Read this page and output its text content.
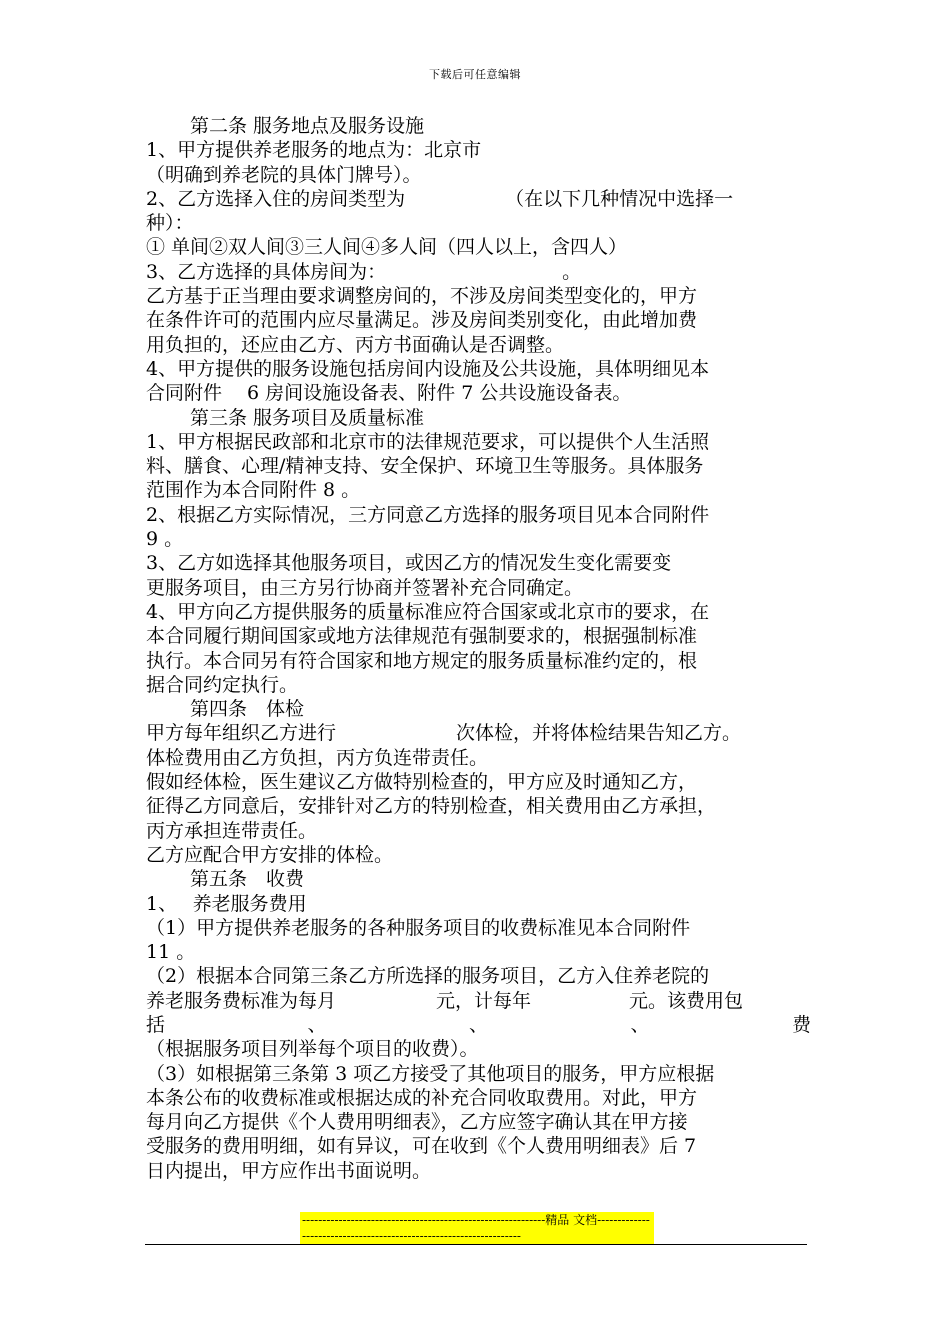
下载后可任意编辑
第二条 服务地点及服务设施
1、甲方提供养老服务的地点为：北京市
（明确到养老院的具体门牌号）。
2、乙方选择入住的房间类型为	（在以下几种情况中选择一
种）：
① 单间②双人间③三人间④多人间（四人以上，含四人）
3、乙方选择的具体房间为：	。
乙方基于正当理由要求调整房间的，不涉及房间类型变化的，甲方
在条件许可的范围内应尽量满足。涉及房间类别变化，由此增加费
用负担的，还应由乙方、丙方书面确认是否调整。
4、甲方提供的服务设施包括房间内设施及公共设施，具体明细见本
合同附件　 6 房间设施设备表、附件 7 公共设施设备表。
第三条 服务项目及质量标准
1、甲方根据民政部和北京市的法律规范要求，可以提供个人生活照
料、膳食、心理/精神支持、安全保护、环境卫生等服务。具体服务
范围作为本合同附件 8 。
2、根据乙方实际情况，三方同意乙方选择的服务项目见本合同附件
9 。
3、乙方如选择其他服务项目，或因乙方的情况发生变化需要变
更服务项目，由三方另行协商并签署补充合同确定。
4、甲方向乙方提供服务的质量标准应符合国家或北京市的要求，在
本合同履行期间国家或地方法律规范有强制要求的，根据强制标准
执行。本合同另有符合国家和地方规定的服务质量标准约定的，根
据合同约定执行。
第四条　体检
甲方每年组织乙方进行	次体检，并将体检结果告知乙方。
体检费用由乙方负担，丙方负连带责任。
假如经体检，医生建议乙方做特别检查的，甲方应及时通知乙方，
征得乙方同意后，安排针对乙方的特别检查，相关费用由乙方承担，
丙方承担连带责任。
乙方应配合甲方安排的体检。
第五条　收费
1、　 养老服务费用
（1）甲方提供养老服务的各种服务项目的收费标准见本合同附件
11 。
（2）根据本合同第三条乙方所选择的服务项目，乙方入住养老院的
养老服务费标准为每月	元，计每年	元。该费用包
括	、	、	、	费
（根据服务项目列举每个项目的收费）。
（3）如根据第三条第 3 项乙方接受了其他项目的服务，甲方应根据
本条公布的收费标准或根据达成的补充合同收取费用。对此，甲方
每月向乙方提供《个人费用明细表》，乙方应签字确认其在甲方接
受服务的费用明细，如有异议，可在收到《个人费用明细表》后 7
日内提出，甲方应作出书面说明。
------------------------------------------------------------精品 文档-------------------------------------------------------------------
